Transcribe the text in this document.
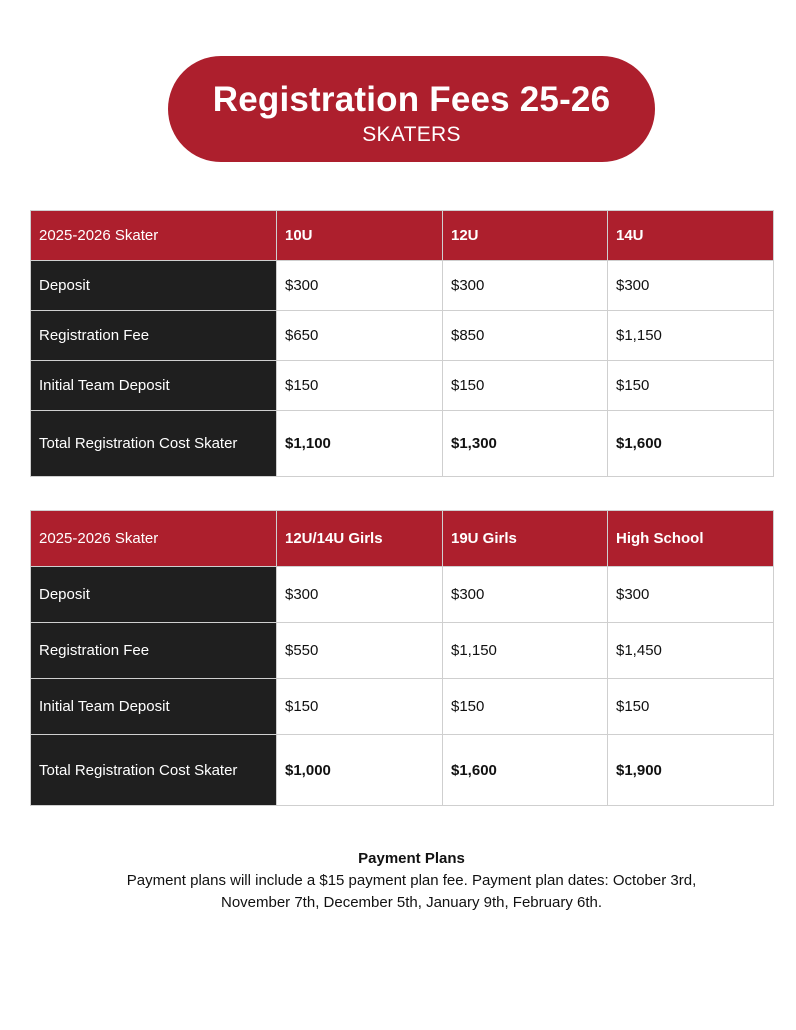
Registration Fees 25-26
SKATERS
2025-2026 Skater	10U	12U	14U
Deposit	$300	$300	$300
Registration Fee	$650	$850	$1,150
Initial Team Deposit	$150	$150	$150
Total Registration Cost Skater	$1,100	$1,300	$1,600
2025-2026 Skater	12U/14U Girls	19U Girls	High School
Deposit	$300	$300	$300
Registration Fee	$550	$1,150	$1,450
Initial Team Deposit	$150	$150	$150
Total Registration Cost Skater	$1,000	$1,600	$1,900
Payment Plans
Payment plans will include a $15 payment plan fee. Payment plan dates: October 3rd,
November 7th, December 5th, January 9th, February 6th.
